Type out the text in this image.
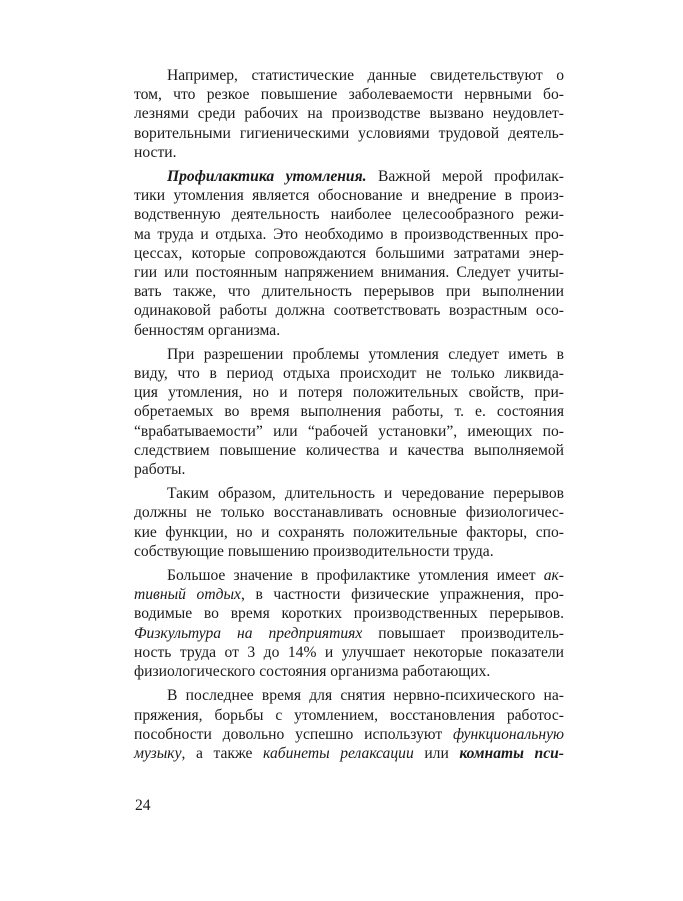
Например, статистические данные свидетельствуют о
том, что резкое повышение заболеваемости нервными бо-
лезнями среди рабочих на производстве вызвано неудовлет-
ворительными гигиеническими условиями трудовой деятель-
ности.

Профилактика утомления. Важной мерой профилак-
тики утомления является обоснование и внедрение в произ-
водственную деятельность наиболее целесообразного режи-
ма труда и отдыха. Это необходимо в производственных про-
цессах, которые сопровождаются большими затратами энер-
гии или постоянным напряжением внимания. Следует учиты-
вать также, что длительность перерывов при выполнении
одинаковой работы должна соответствовать возрастным осо-
бенностям организма.

При разрешении проблемы утомления следует иметь в
виду, что в период отдыха происходит не только ликвида-
ция утомления, но и потеря положительных свойств, при-
обретаемых во время выполнения работы, т. е. состояния
“врабатываемости” или “рабочей установки”, имеющих по-
следствием повышение количества и качества выполняемой
работы.

Таким образом, длительность и чередование перерывов
должны не только восстанавливать основные физиологичес-
кие функции, но и сохранять положительные факторы, спо-
собствующие повышению производительности труда.

Большое значение в профилактике утомления имеет ак-
тивный отдых, в частности физические упражнения, про-
водимые во время коротких производственных перерывов.
Физкультура на предприятиях повышает производитель-
ность труда от 3 до 14% и улучшает некоторые показатели
физиологического состояния организма работающих.

В последнее время для снятия нервно-психического на-
пряжения, борьбы с утомлением, восстановления работос-
пособности довольно успешно используют функциональную
музыку, а также кабинеты релаксации или комнаты пси-

24
